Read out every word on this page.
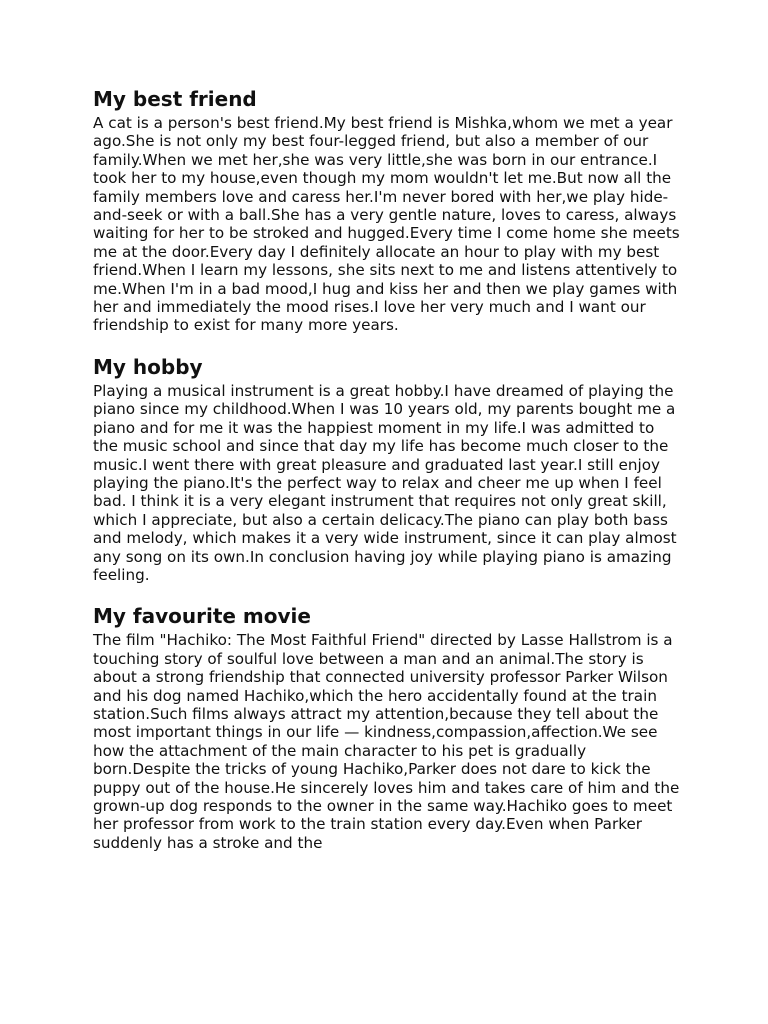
My best friend

A cat is a person's best friend.My best friend is Mishka,whom we met a year ago.She is not only my best four-legged friend, but also a member of our family.When we met her,she was very little,she was born in our entrance.I took her to my house,even though my mom wouldn't let me.But now all the family members love and caress her.I'm never bored with her,we play hide-and-seek or with a ball.She has a very gentle nature, loves to caress, always waiting for her to be stroked and hugged.Every time I come home she meets me at the door.Every day I definitely allocate an hour to play with my best friend.When I learn my lessons, she sits next to me and listens attentively to me.When I'm in a bad mood,I hug and kiss her and then we play games with her and immediately the mood rises.I love her very much and I want our friendship to exist for many more years.

My hobby

Playing a musical instrument is a great hobby.I have dreamed of playing the piano since my childhood.When I was 10 years old, my parents bought me a piano and for me it was the happiest moment in my life.I was admitted to the music school and since that day my life has become much closer to the music.I went there with great pleasure and graduated last year.I still enjoy playing the piano.It's the perfect way to relax and cheer me up when I feel bad. I think it is a very elegant instrument that requires not only great skill, which I appreciate, but also a certain delicacy.The piano can play both bass and melody, which makes it a very wide instrument, since it can play almost any song on its own.In conclusion having joy while playing piano is amazing feeling.

My favourite movie

The film "Hachiko: The Most Faithful Friend" directed by Lasse Hallstrom is a touching story of soulful love between a man and an animal.The story is about a strong friendship that connected university professor Parker Wilson and his dog named Hachiko,which the hero accidentally found at the train station.Such films always attract my attention,because they tell about the most important things in our life — kindness,compassion,affection.We see how the attachment of the main character to his pet is gradually born.Despite the tricks of young Hachiko,Parker does not dare to kick the puppy out of the house.He sincerely loves him and takes care of him and the grown-up dog responds to the owner in the same way.Hachiko goes to meet her professor from work to the train station every day.Even when Parker suddenly has a stroke and the
